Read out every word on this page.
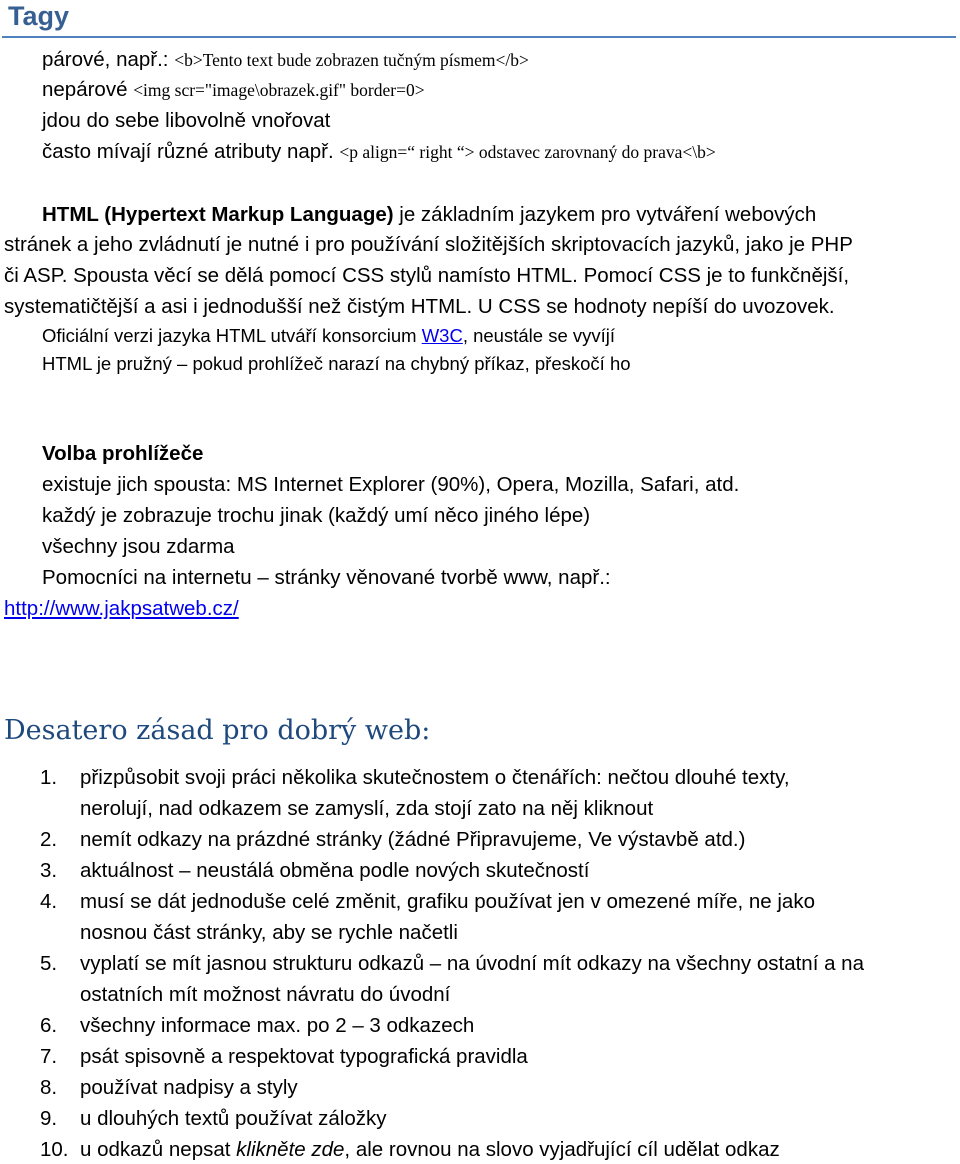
Tagy
párové, např.: <b>Tento text bude zobrazen tučným písmem</b>
nepárové <img scr="image\obrazek.gif" border=0>
jdou do sebe libovolně vnořovat
často mívají různé atributy např. <p align=“ right “> odstavec zarovnaný do prava<\b>
HTML (Hypertext Markup Language) je základním jazykem pro vytváření webových
stránek a jeho zvládnutí je nutné i pro používání složitějších skriptovacích jazyků, jako je PHP
či ASP. Spousta věcí se dělá pomocí CSS stylů namísto HTML. Pomocí CSS je to funkčnější,
systematičtější a asi i jednodušší než čistým HTML. U CSS se hodnoty nepíší do uvozovek.
Oficiální verzi jazyka HTML utváří konsorcium W3C, neustále se vyvíjí
HTML je pružný – pokud prohlížeč narazí na chybný příkaz, přeskočí ho
Volba prohlížeče
existuje jich spousta: MS Internet Explorer (90%), Opera, Mozilla, Safari, atd.
každý je zobrazuje trochu jinak (každý umí něco jiného lépe)
všechny jsou zdarma
Pomocníci na internetu – stránky věnované tvorbě www, např.:
http://www.jakpsatweb.cz/
Desatero zásad pro dobrý web:
1.	přizpůsobit svoji práci několika skutečnostem o čtenářích: nečtou dlouhé texty,
nerolují, nad odkazem se zamyslí, zda stojí zato na něj kliknout
2.	nemít odkazy na prázdné stránky (žádné Připravujeme, Ve výstavbě atd.)
3.	aktuálnost – neustálá obměna podle nových skutečností
4.	musí se dát jednoduše celé změnit, grafiku používat jen v omezené míře, ne jako
nosnou část stránky, aby se rychle načetli
5.	vyplatí se mít jasnou strukturu odkazů – na úvodní mít odkazy na všechny ostatní a na
ostatních mít možnost návratu do úvodní
6.	všechny informace max. po 2 – 3 odkazech
7.	psát spisovně a respektovat typografická pravidla
8.	používat nadpisy a styly
9.	u dlouhých textů používat záložky
10. u odkazů nepsat klikněte zde, ale rovnou na slovo vyjadřující cíl udělat odkaz
